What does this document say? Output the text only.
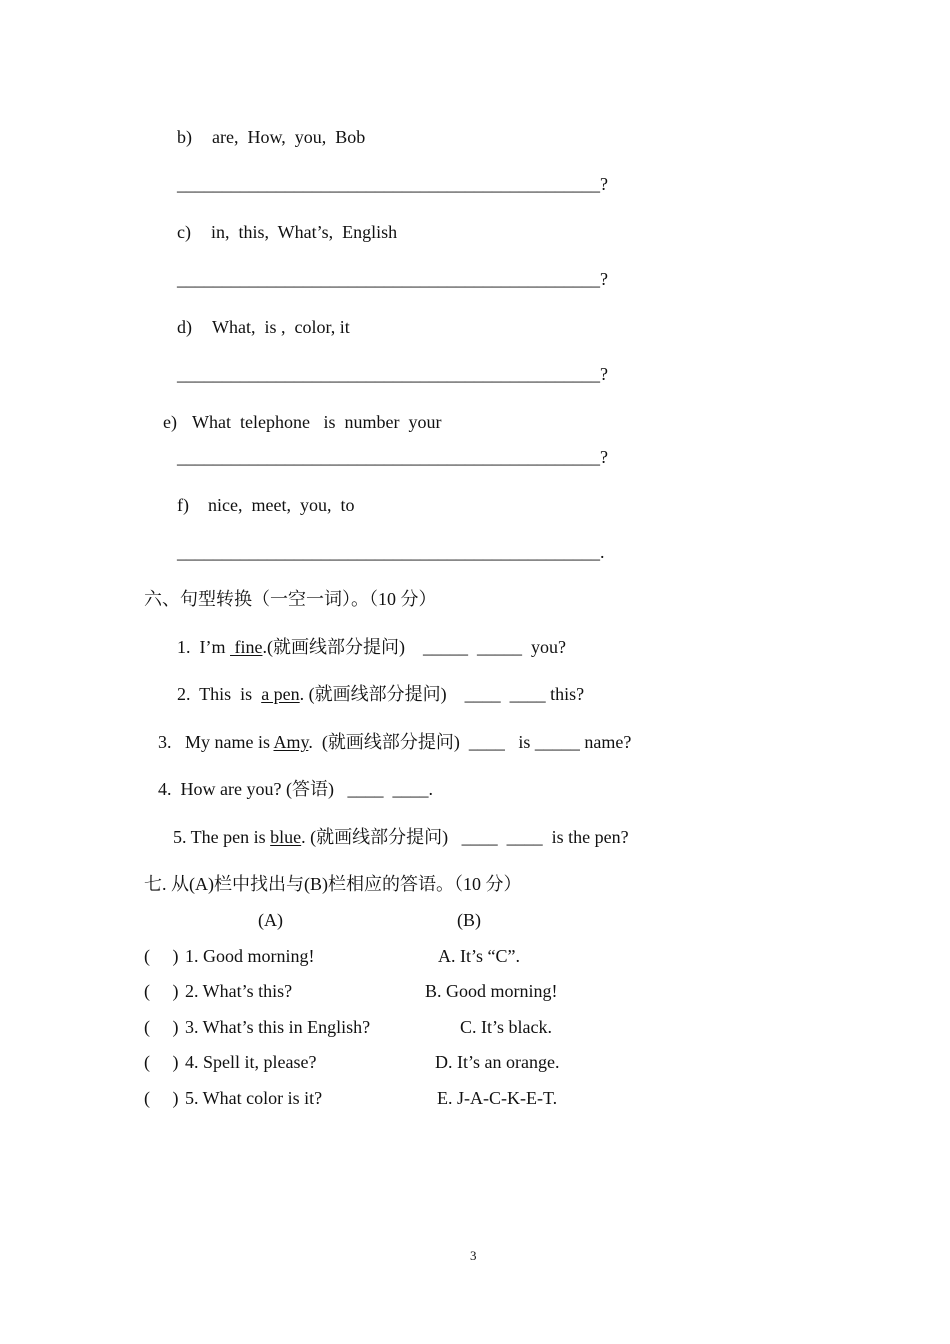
b) are,  How,  you,  Bob
_______________________________________________?
c) in,  this,  What’s,  English
_______________________________________________?
d) What,  is ,  color, it
_______________________________________________?
e) What  telephone   is  number  your
_______________________________________________?
f) nice,  meet,  you,  to
_______________________________________________.
六、句型转换（一空一词）。（10 分）
1.  I’m  fine.(就画线部分提问)    _____  _____  you?
2.  This  is  a pen. (就画线部分提问)    ____  ____ this?
3.   My name is Amy.  (就画线部分提问)  ____   is _____ name?
4.  How are you? (答语)   ____  ____.
5. The pen is blue. (就画线部分提问)   ____  ____  is the pen?
七. 从(A)栏中找出与(B)栏相应的答语。（10 分）
(A)	(B)
(     ) 1. Good morning!	A. It’s “C”.
(     ) 2. What’s this?	B. Good morning!
(     ) 3. What’s this in English?	C. It’s black.
(     ) 4. Spell it, please?	D. It’s an orange.
(     ) 5. What color is it?	E. J-A-C-K-E-T.
3
